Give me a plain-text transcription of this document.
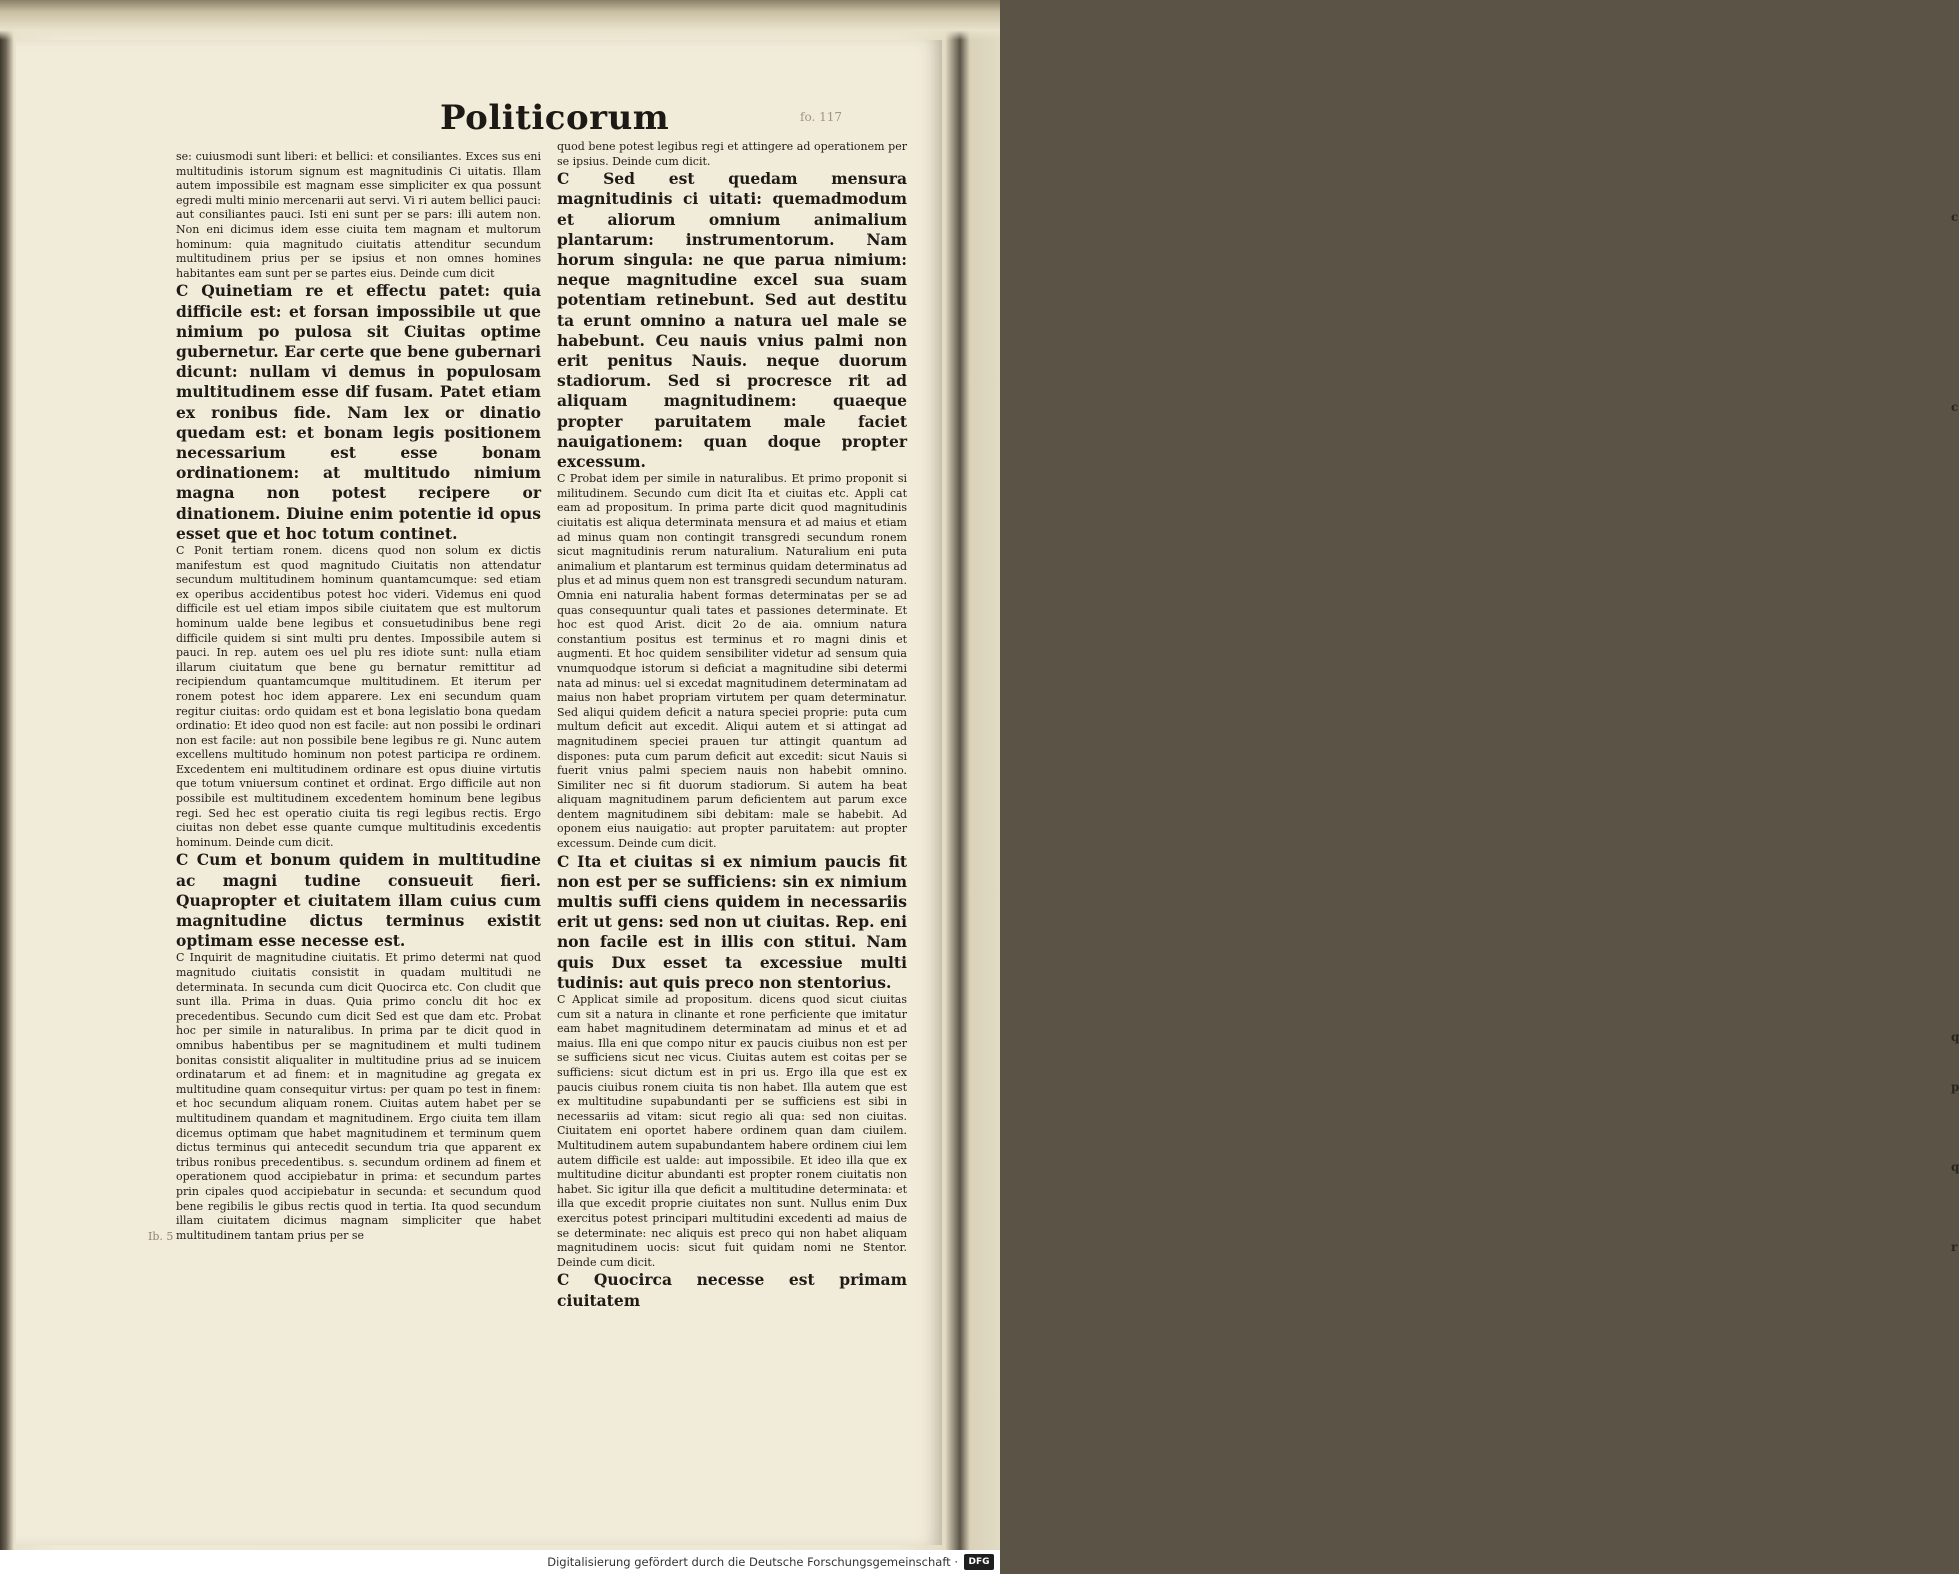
Politicorum	fo. 117
Ib. 5

se: cuiusmodi sunt liberi: et bellici: et consiliantes. Exces sus eni multitudinis istorum signum est magnitudinis Ci uitatis. Illam autem impossibile est magnam esse simpliciter ex qua possunt egredi multi minio mercenarii aut servi. Vi ri autem bellici pauci: aut consiliantes pauci. Isti eni sunt per se pars: illi autem non. Non eni dicimus idem esse ciuita tem magnam et multorum hominum: quia magnitudo ciuitatis attenditur secundum multitudinem prius per se ipsius et non omnes homines habitantes eam sunt per se partes eius. Deinde cum dicit

C Quinetiam re et effectu patet: quia difficile est: et forsan impossibile ut que nimium po pulosa sit Ciuitas optime gubernetur. Ear certe que bene gubernari dicunt: nullam vi demus in populosam multitudinem esse dif fusam. Patet etiam ex ronibus fide. Nam lex or dinatio quedam est: et bonam legis positionem necessarium est esse bonam ordinationem: at multitudo nimium magna non potest recipere or dinationem. Diuine enim potentie id opus esset que et hoc totum continet.

C Ponit tertiam ronem. dicens quod non solum ex dictis manifestum est quod magnitudo Ciuitatis non attendatur secundum multitudinem hominum quantamcumque: sed etiam ex operibus accidentibus potest hoc videri. Videmus eni quod difficile est uel etiam impos sibile ciuitatem que est multorum hominum ualde bene legibus et consuetudinibus bene regi difficile quidem si sint multi pru dentes. Impossibile autem si pauci. In rep. autem oes uel plu res idiote sunt: nulla etiam illarum ciuitatum que bene gu bernatur remittitur ad recipiendum quantamcumque multitudinem. Et iterum per ronem potest hoc idem apparere. Lex eni secundum quam regitur ciuitas: ordo quidam est et bona legislatio bona quedam ordinatio: Et ideo quod non est facile: aut non possibi le ordinari non est facile: aut non possibile bene legibus re gi. Nunc autem excellens multitudo hominum non potest participa re ordinem. Excedentem eni multitudinem ordinare est opus diuine virtutis que totum vniuersum continet et ordinat. Ergo difficile aut non possibile est multitudinem excedentem hominum bene legibus regi. Sed hec est operatio ciuita tis regi legibus rectis. Ergo ciuitas non debet esse quante cumque multitudinis excedentis hominum. Deinde cum dicit.

C Cum et bonum quidem in multitudine ac magni tudine consueuit fieri. Quapropter et ciuitatem illam cuius cum magnitudine dictus terminus existit optimam esse necesse est.

C Inquirit de magnitudine ciuitatis. Et primo determi nat quod magnitudo ciuitatis consistit in quadam multitudi ne determinata. In secunda cum dicit Quocirca etc. Con cludit que sunt illa. Prima in duas. Quia primo conclu dit hoc ex precedentibus. Secundo cum dicit Sed est que dam etc. Probat hoc per simile in naturalibus. In prima par te dicit quod in omnibus habentibus per se magnitudinem et multi tudinem bonitas consistit aliqualiter in multitudine prius ad se inuicem ordinatarum et ad finem: et in magnitudine ag gregata ex multitudine quam consequitur virtus: per quam po test in finem: et hoc secundum aliquam ronem. Ciuitas autem habet per se multitudinem quandam et magnitudinem. Ergo ciuita tem illam dicemus optimam que habet magnitudinem et terminum quem dictus terminus qui antecedit secundum tria que apparent ex tribus ronibus precedentibus. s. secundum ordinem ad finem et operationem quod accipiebatur in prima: et secundum partes prin cipales quod accipiebatur in secunda: et secundum quod bene regibilis le gibus rectis quod in tertia. Ita quod secundum illam ciuitatem dicimus magnam simpliciter que habet multitudinem tantam prius per se

quod bene potest legibus regi et attingere ad operationem per se ipsius. Deinde cum dicit.

C Sed est quedam mensura magnitudinis ci uitati: quemadmodum et aliorum omnium animalium plantarum: instrumentorum. Nam horum singula: ne que parua nimium: neque magnitudine excel sua suam potentiam retinebunt. Sed aut destitu ta erunt omnino a natura uel male se habebunt. Ceu nauis vnius palmi non erit penitus Nauis. neque duorum stadiorum. Sed si procresce rit ad aliquam magnitudinem: quaeque propter paruitatem male faciet nauigationem: quan doque propter excessum.

C Probat idem per simile in naturalibus. Et primo proponit si militudinem. Secundo cum dicit Ita et ciuitas etc. Appli cat eam ad propositum. In prima parte dicit quod magnitudinis ciuitatis est aliqua determinata mensura et ad maius et etiam ad minus quam non contingit transgredi secundum ronem sicut magnitudinis rerum naturalium. Naturalium eni puta animalium et plantarum est terminus quidam determinatus ad plus et ad minus quem non est transgredi secundum naturam. Omnia eni naturalia habent formas determinatas per se ad quas consequuntur quali tates et passiones determinate. Et hoc est quod Arist. dicit 2o de aia. omnium natura constantium positus est terminus et ro magni dinis et augmenti. Et hoc quidem sensibiliter videtur ad sensum quia vnumquodque istorum si deficiat a magnitudine sibi determi nata ad minus: uel si excedat magnitudinem determinatam ad maius non habet propriam virtutem per quam determinatur. Sed aliqui quidem deficit a natura speciei proprie: puta cum multum deficit aut excedit. Aliqui autem et si attingat ad magnitudinem speciei prauen tur attingit quantum ad dispones: puta cum parum deficit aut excedit: sicut Nauis si fuerit vnius palmi speciem nauis non habebit omnino. Similiter nec si fit duorum stadiorum. Si autem ha beat aliquam magnitudinem parum deficientem aut parum exce dentem magnitudinem sibi debitam: male se habebit. Ad oponem eius nauigatio: aut propter paruitatem: aut propter excessum. Deinde cum dicit.

C Ita et ciuitas si ex nimium paucis fit non est per se sufficiens: sin ex nimium multis suffi ciens quidem in necessariis erit ut gens: sed non ut ciuitas. Rep. eni non facile est in illis con stitui. Nam quis Dux esset ta excessiue multi tudinis: aut quis preco non stentorius.

C Applicat simile ad propositum. dicens quod sicut ciuitas cum sit a natura in clinante et rone perficiente que imitatur eam habet magnitudinem determinatam ad minus et et ad maius. Illa eni que compo nitur ex paucis ciuibus non est per se sufficiens sicut nec vicus. Ciuitas autem est coitas per se sufficiens: sicut dictum est in pri us. Ergo illa que est ex paucis ciuibus ronem ciuita tis non habet. Illa autem que est ex multitudine supabundanti per se sufficiens est sibi in necessariis ad vitam: sicut regio ali qua: sed non ciuitas. Ciuitatem eni oportet habere ordinem quan dam ciuilem. Multitudinem autem supabundantem habere ordinem ciui lem autem difficile est ualde: aut impossibile. Et ideo illa que ex multitudine dicitur abundanti est propter ronem ciuitatis non habet. Sic igitur illa que deficit a multitudine determinata: et illa que excedit proprie ciuitates non sunt. Nullus enim Dux exercitus potest principari multitudini excedenti ad maius de se determinate: nec aliquis est preco qui non habet aliquam magnitudinem uocis: sicut fuit quidam nomi ne Stentor. Deinde cum dicit.

C Quocirca necesse est primam ciuitatem

c
c
q
p
q
r
Digitalisierung gefördert durch die Deutsche Forschungsgemeinschaft ·	DFG
